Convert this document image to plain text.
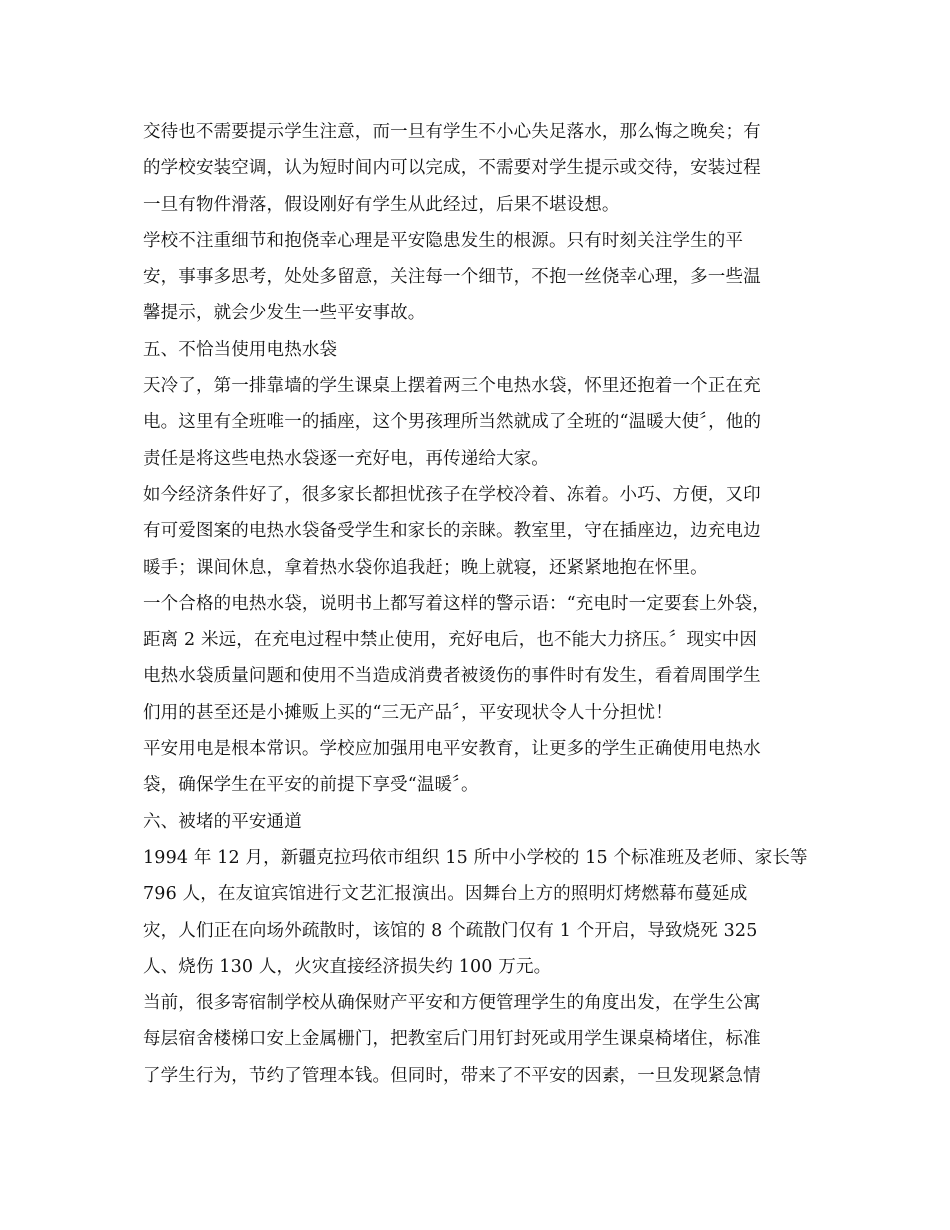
交待也不需要提示学生注意，而一旦有学生不小心失足落水，那么悔之晚矣；有
的学校安装空调，认为短时间内可以完成，不需要对学生提示或交待，安装过程
一旦有物件滑落，假设刚好有学生从此经过，后果不堪设想。
学校不注重细节和抱侥幸心理是平安隐患发生的根源。只有时刻关注学生的平
安，事事多思考，处处多留意，关注每一个细节，不抱一丝侥幸心理，多一些温
馨提示，就会少发生一些平安事故。
五、不恰当使用电热水袋
天冷了，第一排靠墙的学生课桌上摆着两三个电热水袋，怀里还抱着一个正在充
电。这里有全班唯一的插座，这个男孩理所当然就成了全班的“温暖大使〞，他的
责任是将这些电热水袋逐一充好电，再传递给大家。
如今经济条件好了，很多家长都担忧孩子在学校冷着、冻着。小巧、方便，又印
有可爱图案的电热水袋备受学生和家长的亲睐。教室里，守在插座边，边充电边
暖手；课间休息，拿着热水袋你追我赶；晚上就寝，还紧紧地抱在怀里。
一个合格的电热水袋，说明书上都写着这样的警示语：“充电时一定要套上外袋，
距离 2 米远，在充电过程中禁止使用，充好电后，也不能大力挤压。〞现实中因
电热水袋质量问题和使用不当造成消费者被烫伤的事件时有发生，看着周围学生
们用的甚至还是小摊贩上买的“三无产品〞，平安现状令人十分担忧！
平安用电是根本常识。学校应加强用电平安教育，让更多的学生正确使用电热水
袋，确保学生在平安的前提下享受“温暖〞。
六、被堵的平安通道
1994 年 12 月，新疆克拉玛依市组织 15 所中小学校的 15 个标准班及老师、家长等
796 人，在友谊宾馆进行文艺汇报演出。因舞台上方的照明灯烤燃幕布蔓延成
灾，人们正在向场外疏散时，该馆的 8 个疏散门仅有 1 个开启，导致烧死 325
人、烧伤 130 人，火灾直接经济损失约 100 万元。
当前，很多寄宿制学校从确保财产平安和方便管理学生的角度出发，在学生公寓
每层宿舍楼梯口安上金属栅门，把教室后门用钉封死或用学生课桌椅堵住，标准
了学生行为，节约了管理本钱。但同时，带来了不平安的因素，一旦发现紧急情
